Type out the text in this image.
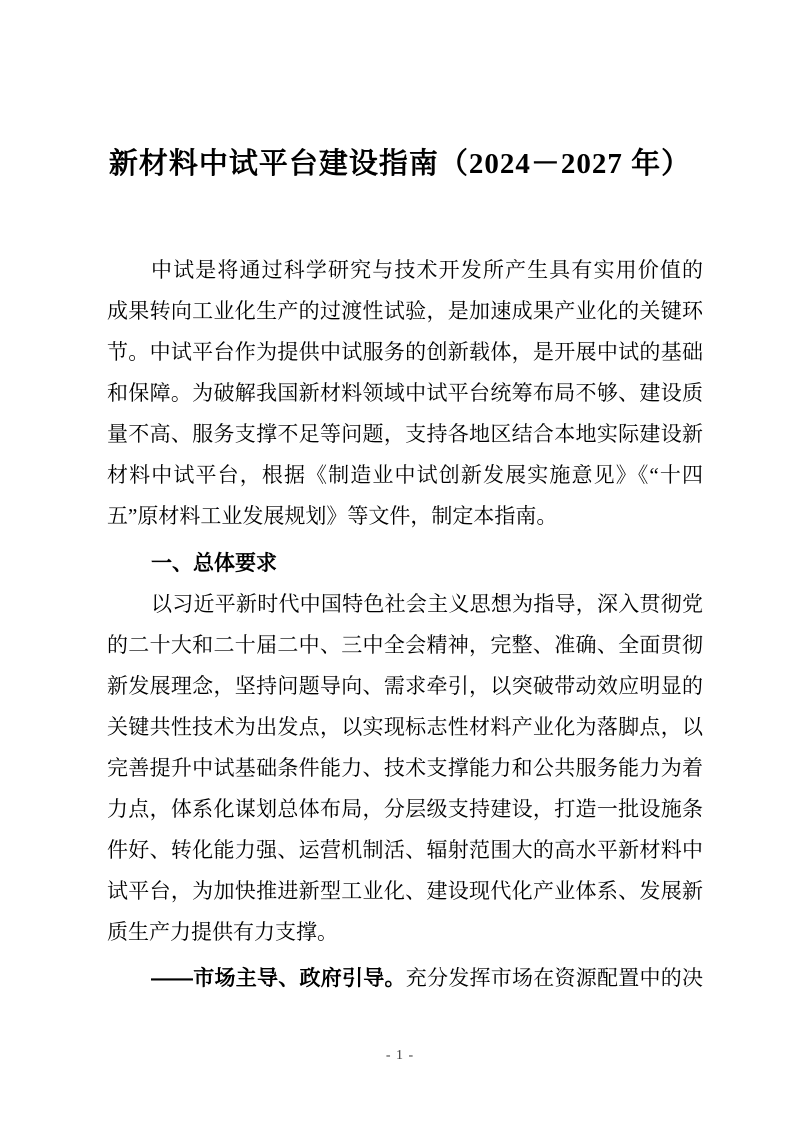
新材料中试平台建设指南（2024－2027 年）
中试是将通过科学研究与技术开发所产生具有实用价值的
成果转向工业化生产的过渡性试验，是加速成果产业化的关键环
节。中试平台作为提供中试服务的创新载体，是开展中试的基础
和保障。为破解我国新材料领域中试平台统筹布局不够、建设质
量不高、服务支撑不足等问题，支持各地区结合本地实际建设新
材料中试平台，根据《制造业中试创新发展实施意见》《“十四
五”原材料工业发展规划》等文件，制定本指南。
一、总体要求
以习近平新时代中国特色社会主义思想为指导，深入贯彻党
的二十大和二十届二中、三中全会精神，完整、准确、全面贯彻
新发展理念，坚持问题导向、需求牵引，以突破带动效应明显的
关键共性技术为出发点，以实现标志性材料产业化为落脚点，以
完善提升中试基础条件能力、技术支撑能力和公共服务能力为着
力点，体系化谋划总体布局，分层级支持建设，打造一批设施条
件好、转化能力强、运营机制活、辐射范围大的高水平新材料中
试平台，为加快推进新型工业化、建设现代化产业体系、发展新
质生产力提供有力支撑。

——市场主导、政府引导。充分发挥市场在资源配置中的决

- 1 -
